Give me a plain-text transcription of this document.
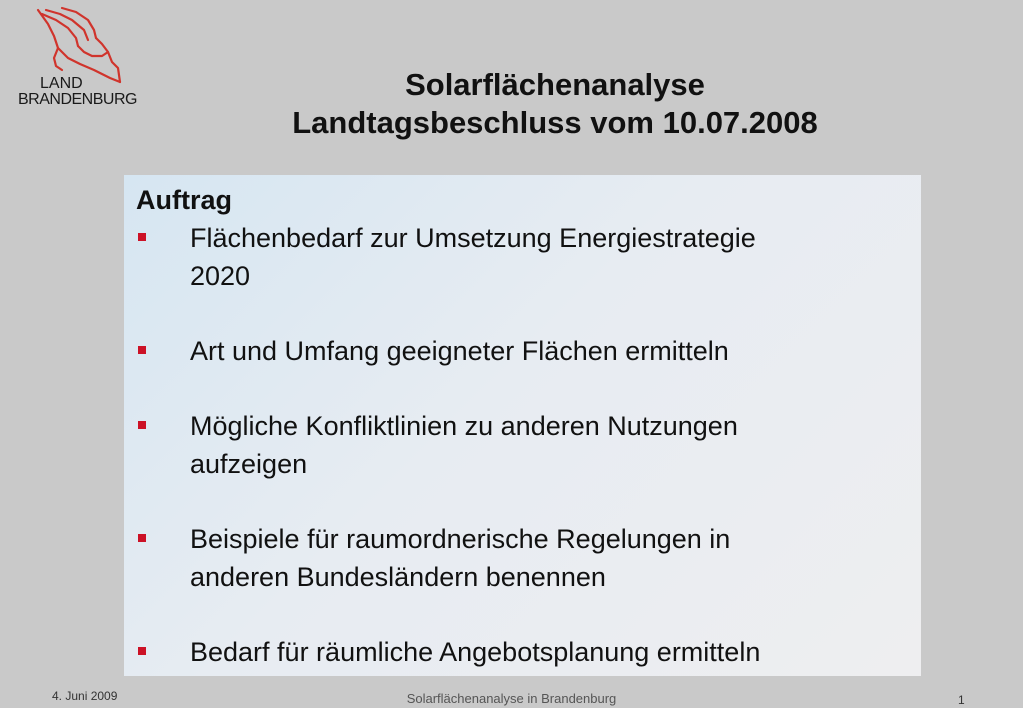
LAND
BRANDENBURG	Solarflächenanalyse
Landtagsbeschluss vom 10.07.2008
Auftrag
Flächenbedarf zur Umsetzung Energiestrategie
2020
Art und Umfang geeigneter Flächen ermitteln
Mögliche Konfliktlinien zu anderen Nutzungen
aufzeigen
Beispiele für raumordnerische Regelungen in
anderen Bundesländern benennen
Bedarf für räumliche Angebotsplanung ermitteln
4. Juni 2009	Solarflächenanalyse in Brandenburg	1
